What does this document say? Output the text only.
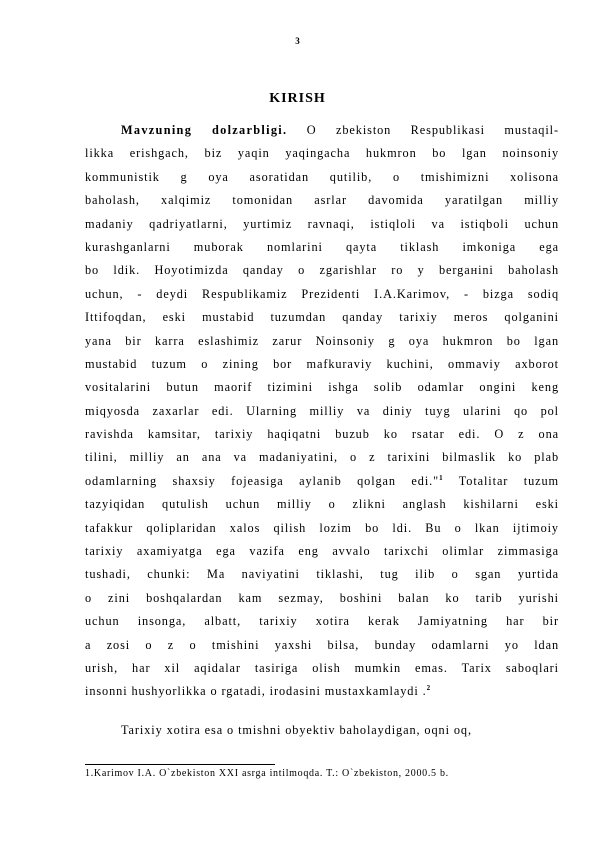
3
KIRISH
Mavzuning dolzarbligi. O zbekiston Respublikasi mustaqil-
likka erishgach, biz yaqin yaqingacha hukmron bo lgan noinsoniy
kommunistik g oya asoratidan qutilib, o tmishimizni xolisona
baholash, xalqimiz tomonidan asrlar davomida yaratilgan milliy
madaniy qadriyatlarni, yurtimiz ravnaqi, istiqloli va istiqboli uchun
kurashganlarni muborak nomlarini qayta tiklash imkoniga ega
bo ldik. Hoyotimizda qanday o zgarishlar ro y bergанini baholash
uchun, - deydi Respublikamiz Prezidenti I.A.Karimov, - bizga sodiq
Ittifoqdan, eski mustabid tuzumdan qanday tarixiy meros qolganini
yana bir karra eslashimiz zarur Noinsoniy g oya hukmron bo lgan
mustabid tuzum o zining bor mafkuraviy kuchini, ommaviy axborot
vositalarini butun maorif tizimini ishga solib odamlar ongini keng
miqyosda zaxarlar edi. Ularning milliy va diniy tuyg ularini qo pol
ravishda kamsitar, tarixiy haqiqatni buzub ko rsatar edi. O z ona
tilini, milliy an ana va madaniyatini, o z tarixini bilmaslik ko plab
odamlarning shaxsiy fojeasiga aylanib qolgan edi."$^1$ Totalitar tuzum
tazyiqidan qutulish uchun milliy o zlikni anglash kishilarni eski
tafakkur qoliplaridan xalos qilish lozim bo ldi. Bu o lkan ijtimoiy
tarixiy axamiyatga ega vazifa eng avvalo tarixchi olimlar zimmasiga
tushadi, chunki: Ma naviyatini tiklashi, tug ilib o sgan yurtida
o zini boshqalardan kam sezmay, boshini balan ko tarib yurishi
uchun insonga, albatt, tarixiy xotira kerak Jamiyatning har bir
a zosi o z o tmishini yaxshi bilsa, bunday odamlarni yo ldan
urish, har xil aqidalar tasiriga olish mumkin emas. Tarix saboqlari
insonni hushyorlikka o rgatadi, irodasini mustaxkamlaydi .$^2$
Tarixiy xotira esa o tmishni obyektiv baholaydigan, oqni oq,
1.Karimov I.A. O`zbekiston XXI asrga intilmoqda. T.: O`zbekiston, 2000.5 b.
